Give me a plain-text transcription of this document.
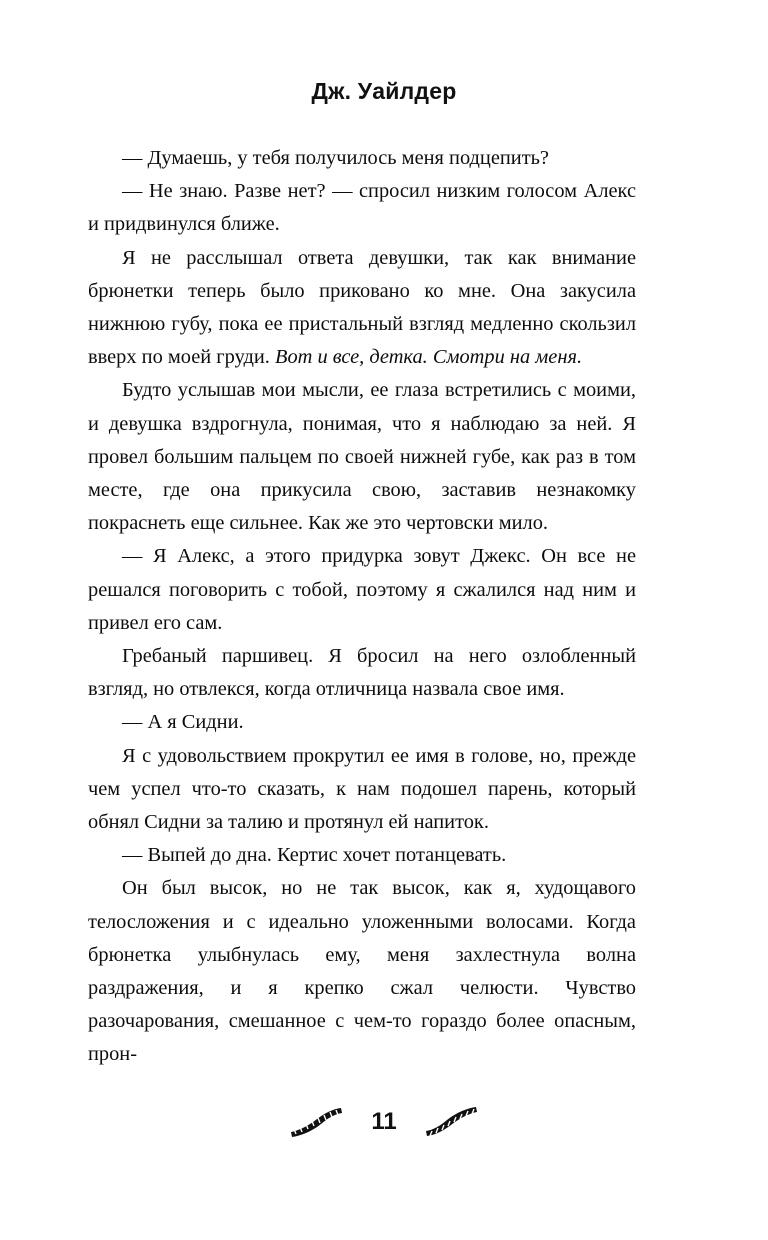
Дж. Уайлдер

— Думаешь, у тебя получилось меня подцепить?

— Не знаю. Разве нет? — спросил низким голосом Алекс и придвинулся ближе.

Я не расслышал ответа девушки, так как внимание брюнетки теперь было приковано ко мне. Она закусила нижнюю губу, пока ее пристальный взгляд медленно скользил вверх по моей груди. Вот и все, детка. Смотри на меня.

Будто услышав мои мысли, ее глаза встретились с моими, и девушка вздрогнула, понимая, что я наблюдаю за ней. Я провел большим пальцем по своей нижней губе, как раз в том месте, где она прикусила свою, заставив незнакомку покраснеть еще сильнее. Как же это чертовски мило.

— Я Алекс, а этого придурка зовут Джекс. Он все не решался поговорить с тобой, поэтому я сжалился над ним и привел его сам.

Гребаный паршивец. Я бросил на него озлобленный взгляд, но отвлекся, когда отличница назвала свое имя.

— А я Сидни.

Я с удовольствием прокрутил ее имя в голове, но, прежде чем успел что-то сказать, к нам подошел парень, который обнял Сидни за талию и протянул ей напиток.

— Выпей до дна. Кертис хочет потанцевать.

Он был высок, но не так высок, как я, худощавого телосложения и с идеально уложенными волосами. Когда брюнетка улыбнулась ему, меня захлестнула волна раздражения, и я крепко сжал челюсти. Чувство разочарования, смешанное с чем-то гораздо более опасным, прон-

11
